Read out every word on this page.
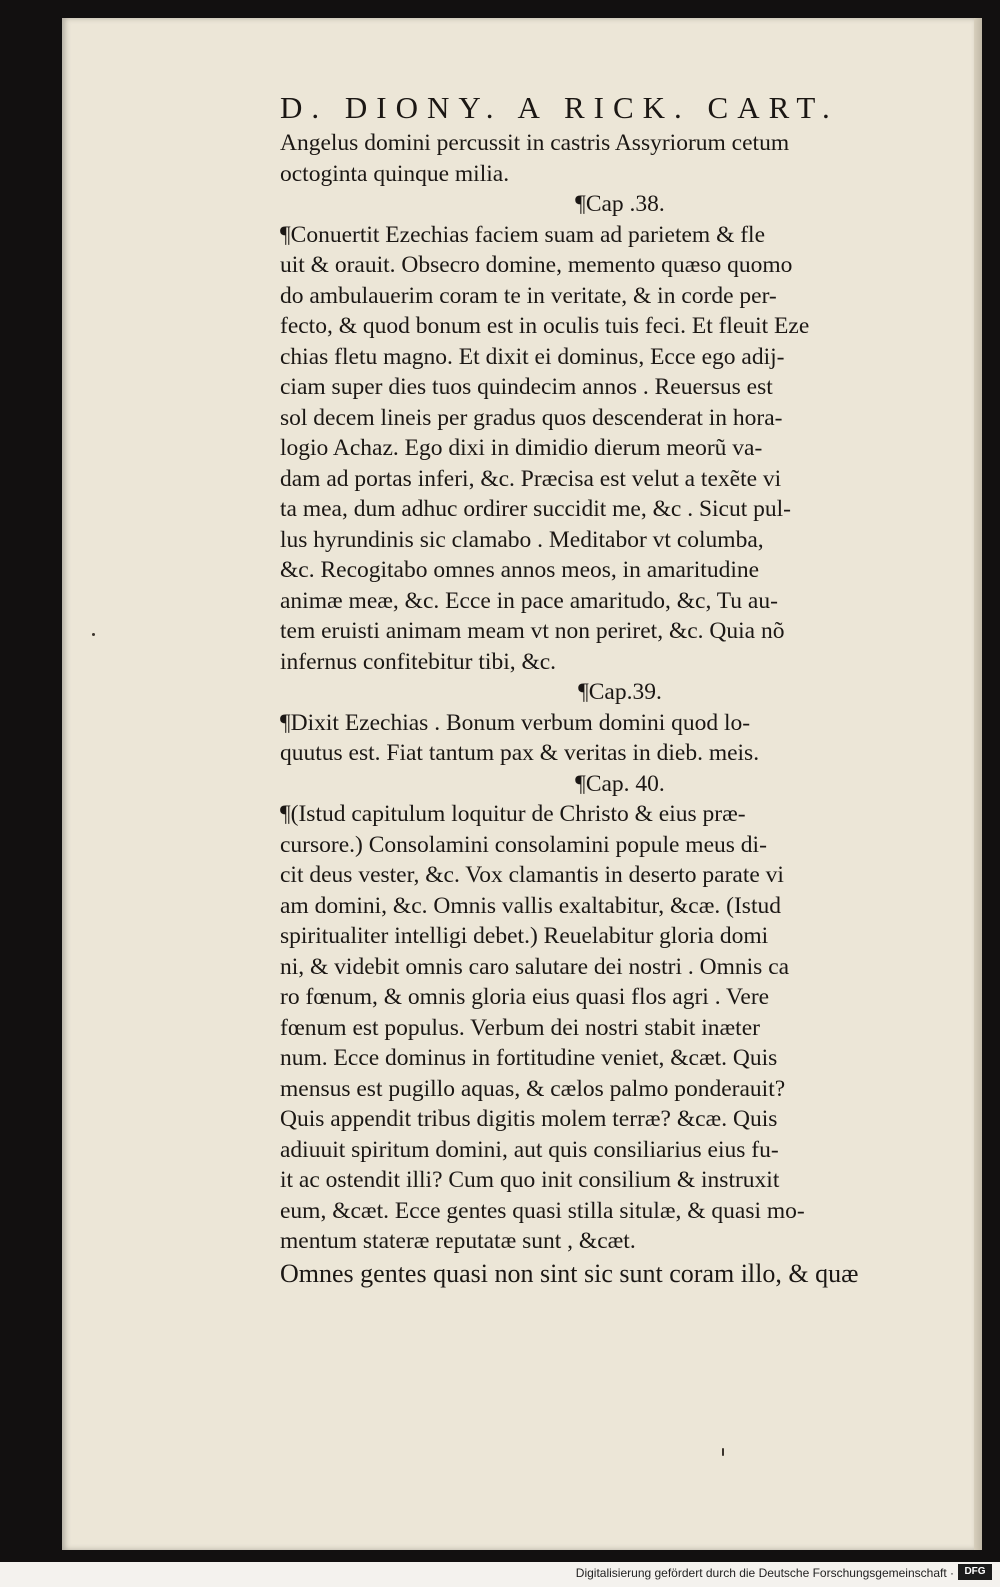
D. DIONY. A RICK. CART.
Angelus domini percussit in castris Assyriorum cetum
octoginta quinque milia.
¶Cap .38.
¶Conuertit Ezechias faciem suam ad parietem & fle
uit & orauit. Obsecro domine, memento quæso quomo
do ambulauerim coram te in veritate, & in corde per-
fecto, & quod bonum est in oculis tuis feci. Et fleuit Eze
chias fletu magno. Et dixit ei dominus, Ecce ego adij-
ciam super dies tuos quindecim annos . Reuersus est
sol decem lineis per gradus quos descenderat in hora-
logio Achaz. Ego dixi in dimidio dierum meorũ va-
dam ad portas inferi, &c. Præcisa est velut a texẽte vi
ta mea, dum adhuc ordirer succidit me, &c . Sicut pul-
lus hyrundinis sic clamabo . Meditabor vt columba,
&c. Recogitabo omnes annos meos, in amaritudine
animæ meæ, &c. Ecce in pace amaritudo, &c, Tu au-
tem eruisti animam meam vt non periret, &c. Quia nõ
infernus confitebitur tibi, &c.
¶Cap.39.
¶Dixit Ezechias . Bonum verbum domini quod lo-
quutus est. Fiat tantum pax & veritas in dieb. meis.
¶Cap. 40.
¶(Istud capitulum loquitur de Christo & eius præ-
cursore.) Consolamini consolamini popule meus di-
cit deus vester, &c. Vox clamantis in deserto parate vi
am domini, &c. Omnis vallis exaltabitur, &cæ. (Istud
spiritualiter intelligi debet.) Reuelabitur gloria domi
ni, & videbit omnis caro salutare dei nostri . Omnis ca
ro fœnum, & omnis gloria eius quasi flos agri . Vere
fœnum est populus. Verbum dei nostri stabit inæter
num. Ecce dominus in fortitudine veniet, &cæt. Quis
mensus est pugillo aquas, & cælos palmo ponderauit?
Quis appendit tribus digitis molem terræ? &cæ. Quis
adiuuit spiritum domini, aut quis consiliarius eius fu-
it ac ostendit illi? Cum quo init consilium & instruxit
eum, &cæt. Ecce gentes quasi stilla situlæ, & quasi mo-
mentum stateræ reputatæ sunt , &cæt.
Omnes gentes quasi non sint sic sunt coram illo, & quæ
Digitalisierung gefördert durch die Deutsche Forschungsgemeinschaft ·	DFG
